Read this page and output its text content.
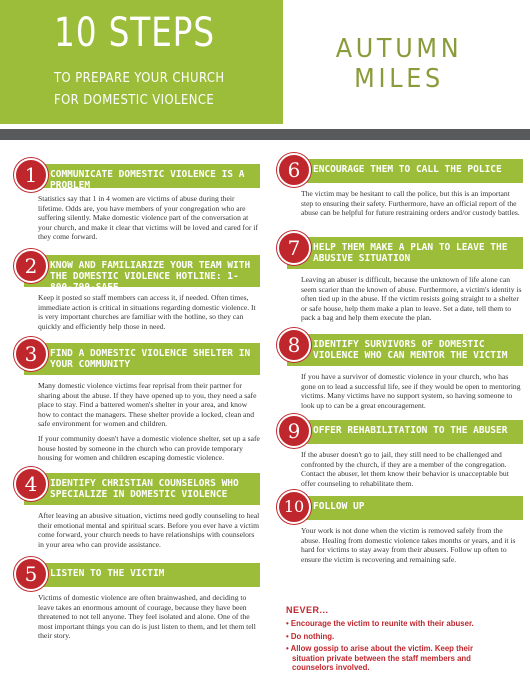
10 STEPS
TO PREPARE YOUR CHURCH
FOR DOMESTIC VIOLENCE
AUTUMN
MILES
1	COMMUNICATE DOMESTIC VIOLENCE IS A PROBLEM

Statistics say that 1 in 4 women are victims of abuse during their lifetime. Odds are, you have members of your congregation who are suffering silently. Make domestic violence part of the conversation at your church, and make it clear that victims will be loved and cared for if they come forward.

2	KNOW AND FAMILIARIZE YOUR TEAM WITH THE DOMESTIC VIOLENCE HOTLINE: 1-800-799-SAFE

Keep it posted so staff members can access it, if needed. Often times, immediate action is critical in situations regarding domestic violence. It is very important churches are familiar with the hotline, so they can quickly and efficiently help those in need.

3	FIND A DOMESTIC VIOLENCE SHELTER IN YOUR COMMUNITY

Many domestic violence victims fear reprisal from their partner for sharing about the abuse. If they have opened up to you, they need a safe place to stay. Find a battered women's shelter in your area, and know how to contact the managers. These shelter provide a locked, clean and safe environment for women and children.

If your community doesn't have a domestic violence shelter, set up a safe house hosted by someone in the church who can provide temporary housing for women and children escaping domestic violence.

4	IDENTIFY CHRISTIAN COUNSELORS WHO SPECIALIZE IN DOMESTIC VIOLENCE

After leaving an abusive situation, victims need godly counseling to heal their emotional mental and spiritual scars. Before you ever have a victim come forward, your church needs to have relationships with counselors in your area who can provide assistance.

5	LISTEN TO THE VICTIM

Victims of domestic violence are often brainwashed, and deciding to leave takes an enormous amount of courage, because they have been threatened to not tell anyone. They feel isolated and alone. One of the most important things you can do is just listen to them, and let them tell their story.

6	ENCOURAGE THEM TO CALL THE POLICE

The victim may be hesitant to call the police, but this is an important step to ensuring their safety. Furthermore, have an official report of the abuse can be helpful for future restraining orders and/or custody battles.

7	HELP THEM MAKE A PLAN TO LEAVE THE ABUSIVE SITUATION

Leaving an abuser is difficult, because the unknown of life alone can seem scarier than the known of abuse. Furthermore, a victim's identity is often tied up in the abuse. If the victim resists going straight to a shelter or safe house, help them make a plan to leave. Set a date, tell them to pack a bag and help them execute the plan.

8	IDENTIFY SURVIVORS OF DOMESTIC VIOLENCE WHO CAN MENTOR THE VICTIM

If you have a survivor of domestic violence in your church, who has gone on to lead a successful life, see if they would be open to mentoring victims. Many victims have no support system, so having someone to look up to can be a great encouragement.

9	OFFER REHABILITATION TO THE ABUSER

If the abuser doesn't go to jail, they still need to be challenged and confronted by the church, if they are a member of the congregation. Contact the abuser, let them know their behavior is unacceptable but offer counseling to rehabilitate them.

10 FOLLOW UP

Your work is not done when the victim is removed safely from the abuse. Healing from domestic violence takes months or years, and it is hard for victims to stay away from their abusers. Follow up often to ensure the victim is recovering and remaining safe.

NEVER...
• Encourage the victim to reunite with their abuser.
• Do nothing.
• Allow gossip to arise about the victim. Keep their situation private between the staff members and counselors involved.
